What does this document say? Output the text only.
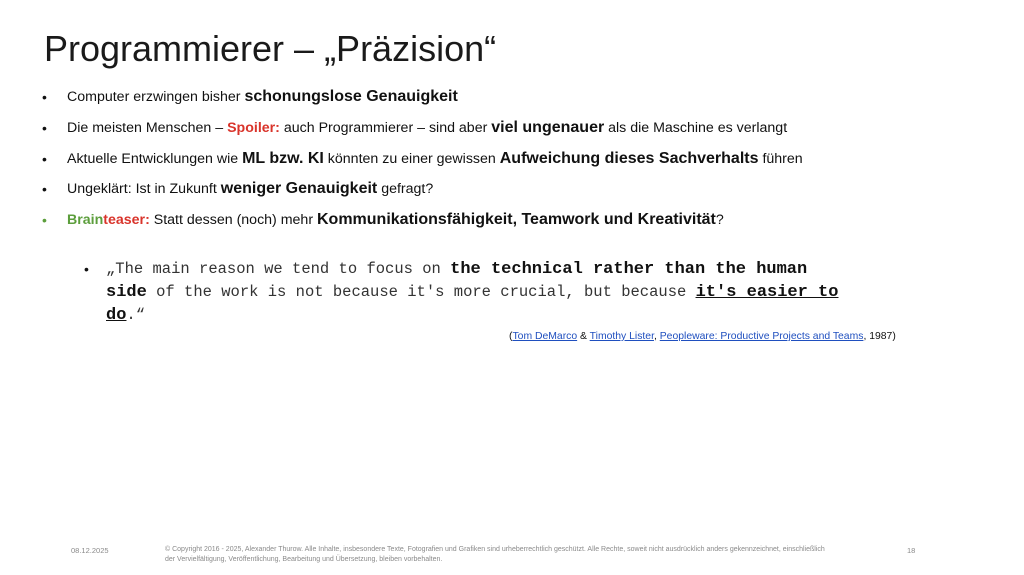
Programmierer – „Präzision“
• Computer erzwingen bisher schonungslose Genauigkeit
• Die meisten Menschen – Spoiler: auch Programmierer – sind aber viel ungenauer als die Maschine es verlangt
• Aktuelle Entwicklungen wie ML bzw. KI könnten zu einer gewissen Aufweichung dieses Sachverhalts führen
• Ungeklärt: Ist in Zukunft weniger Genauigkeit gefragt?
• Brainteaser: Statt dessen (noch) mehr Kommunikationsfähigkeit, Teamwork und Kreativität?
• „The main reason we tend to focus on the technical rather than the human side of the work is not because it's more crucial, but because it's easier to do.“
(Tom DeMarco & Timothy Lister, Peopleware: Productive Projects and Teams, 1987)
08.12.2025	© Copyright 2016 - 2025, Alexander Thurow. Alle Inhalte, insbesondere Texte, Fotografien und Grafiken sind urheberrechtlich geschützt. Alle Rechte, soweit nicht ausdrücklich anders gekennzeichnet, einschließlich der Vervielfältigung, Veröffentlichung, Bearbeitung und Übersetzung, bleiben vorbehalten.
18
